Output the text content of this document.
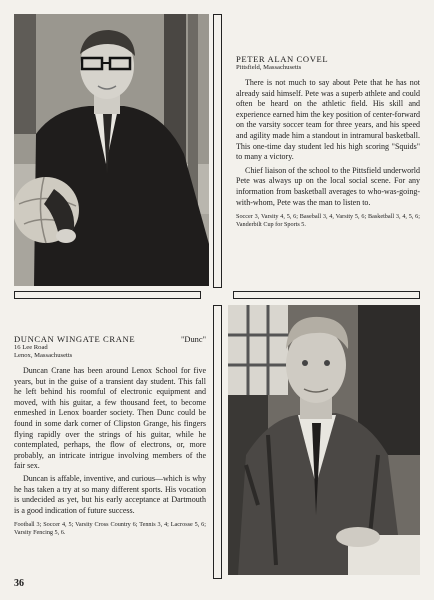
PETER ALAN COVEL
Pittsfield, Massachusetts

There is not much to say about Pete that he has not already said himself. Pete was a superb athlete and could often be heard on the athletic field. His skill and experience earned him the key position of center-forward on the varsity soccer team for three years, and his speed and agility made him a standout in intramural basketball. This one-time day student led his high scoring "Squids" to many a victory.

Chief liaison of the school to the Pittsfield underworld Pete was always up on the local social scene. For any information from basketball averages to who-was-going-with-whom, Pete was the man to listen to.

Soccer 3, Varsity 4, 5, 6; Baseball 3, 4, Varsity 5, 6; Basketball 3, 4, 5, 6; Vanderbilt Cup for Sports 5.

DUNCAN WINGATE CRANE	"Dunc"
16 Lee Road
Lenox, Massachusetts

Duncan Crane has been around Lenox School for five years, but in the guise of a transient day student. This fall he left behind his roomful of electronic equipment and moved, with his guitar, a few thousand feet, to become enmeshed in Lenox boarder society. Then Dunc could be found in some dark corner of Clipston Grange, his fingers flying rapidly over the strings of his guitar, while he contemplated, perhaps, the flow of electrons, or, more probably, an intricate intrigue involving members of the fair sex.

Duncan is affable, inventive, and curious—which is why he has taken a try at so many different sports. His vocation is undecided as yet, but his early acceptance at Dartmouth is a good indication of future success.

Football 3; Soccer 4, 5; Varsity Cross Country 6; Tennis 3, 4; Lacrosse 5, 6; Varsity Fencing 5, 6.

36
